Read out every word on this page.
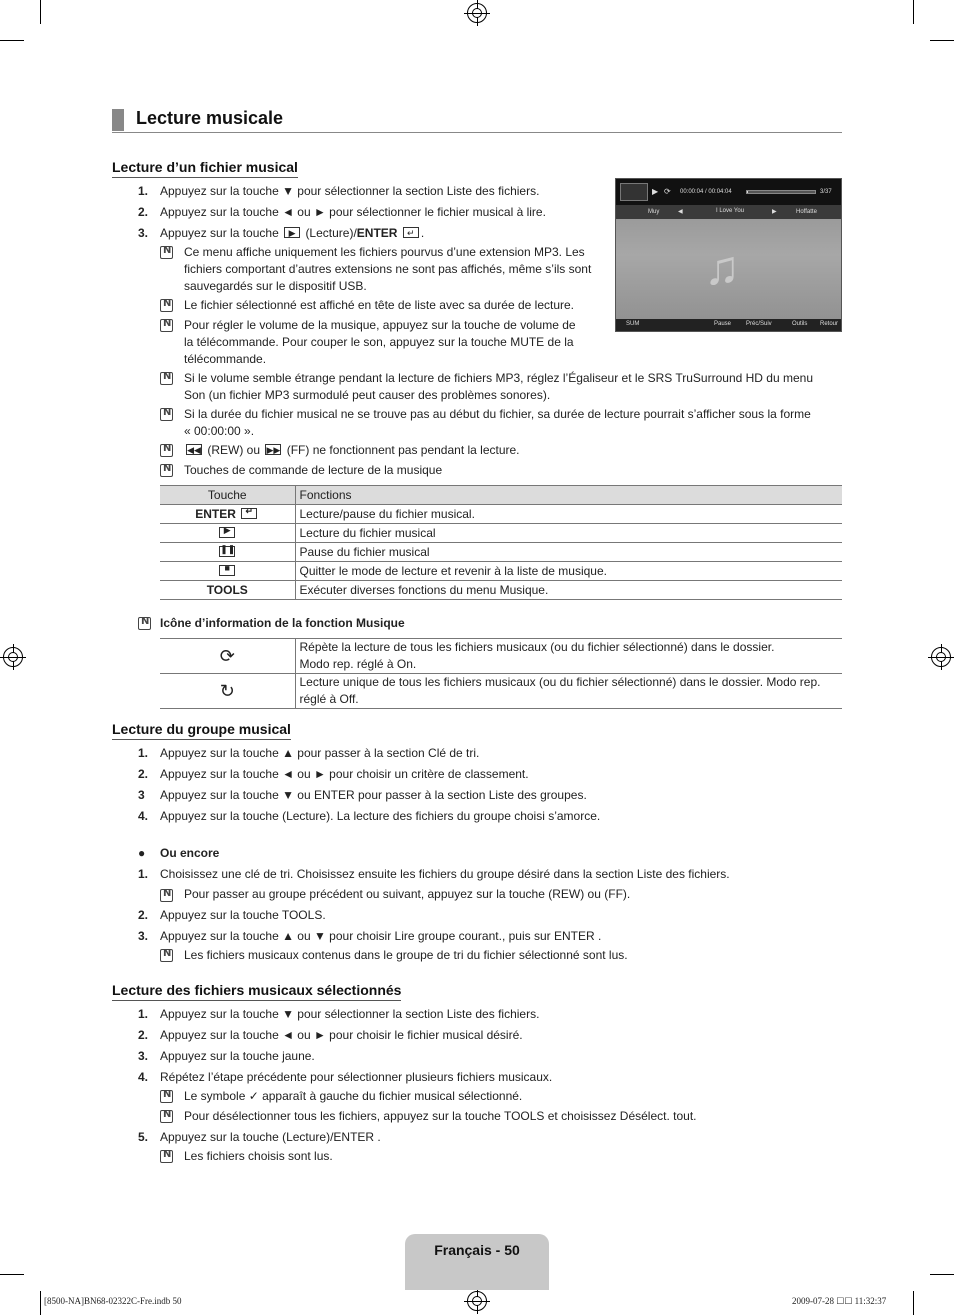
Lecture musicale
Lecture d’un fichier musical
1. Appuyez sur la touche ▼ pour sélectionner la section Liste des fichiers.
2. Appuyez sur la touche ◄ ou ► pour sélectionner le fichier musical à lire.
3. Appuyez sur la touche	▶ (Lecture)/ENTER	↵ .
N
Ce menu affiche uniquement les fichiers pourvus d’une extension MP3. Les
fichiers comportant d’autres extensions ne sont pas affichés, même s’ils sont
sauvegardés sur le dispositif USB.
N
Le fichier sélectionné est affiché en tête de liste avec sa durée de lecture.
N
Pour régler le volume de la musique, appuyez sur la touche de volume de
la télécommande. Pour couper le son, appuyez sur la touche MUTE de la
télécommande.
N
Si le volume semble étrange pendant la lecture de fichiers MP3, réglez l’Égaliseur et le SRS TruSurround HD du menu
Son (un fichier MP3 surmodulé peut causer des problèmes sonores).
N
Si la durée du fichier musical ne se trouve pas au début du fichier, sa durée de lecture pourrait s’afficher sous la forme
« 00:00:00 ».
N
◀◀ (REW) ou ▶▶ (FF) ne fonctionnent pas pendant la lecture.
N
Touches de commande de lecture de la musique
▶ ⟳ 00:00:04 / 00:04:04	3/37
Muy	◀	I Love You	▶	Hoffatte
♫
SUM	Pause Préc/Suiv	Outils Retour
Touche	Fonctions
ENTER ↵	Lecture/pause du fichier musical.

▶	Lecture du fichier musical

❚❚	Pause du fichier musical

■	Quitter le mode de lecture et revenir à la liste de musique.
TOOLS	Exécuter diverses fonctions du menu Musique.
N
Icône d’information de la fonction Musique
⟳	Répète la lecture de tous les fichiers musicaux (ou du fichier sélectionné) dans le dossier.
Modo rep. réglé à On.

↻	Lecture unique de tous les fichiers musicaux (ou du fichier sélectionné) dans le dossier. Modo rep.
réglé à Off.
Lecture du groupe musical
1. Appuyez sur la touche ▲ pour passer à la section Clé de tri.
2. Appuyez sur la touche ◄ ou ► pour choisir un critère de classement.
3 Appuyez sur la touche ▼ ou ENTER pour passer à la section Liste des groupes.
4. Appuyez sur la touche (Lecture). La lecture des fichiers du groupe choisi s’amorce.
● Ou encore
1. Choisissez une clé de tri. Choisissez ensuite les fichiers du groupe désiré dans la section Liste des fichiers.
N
Pour passer au groupe précédent ou suivant, appuyez sur la touche (REW) ou (FF).
2. Appuyez sur la touche TOOLS.
3. Appuyez sur la touche ▲ ou ▼ pour choisir Lire groupe courant., puis sur ENTER .
N
Les fichiers musicaux contenus dans le groupe de tri du fichier sélectionné sont lus.
Lecture des fichiers musicaux sélectionnés
1. Appuyez sur la touche ▼ pour sélectionner la section Liste des fichiers.
2. Appuyez sur la touche ◄ ou ► pour choisir le fichier musical désiré.
3. Appuyez sur la touche jaune.
4. Répétez l’étape précédente pour sélectionner plusieurs fichiers musicaux.
N
Le symbole ✓ apparaît à gauche du fichier musical sélectionné.
N
Pour désélectionner tous les fichiers, appuyez sur la touche TOOLS et choisissez Désélect. tout.
5. Appuyez sur la touche (Lecture)/ENTER .
N
Les fichiers choisis sont lus.
Français - 50
[8500-NA]BN68-02322C-Fre.indb 50	2009-07-28 ☐☐ 11:32:37
